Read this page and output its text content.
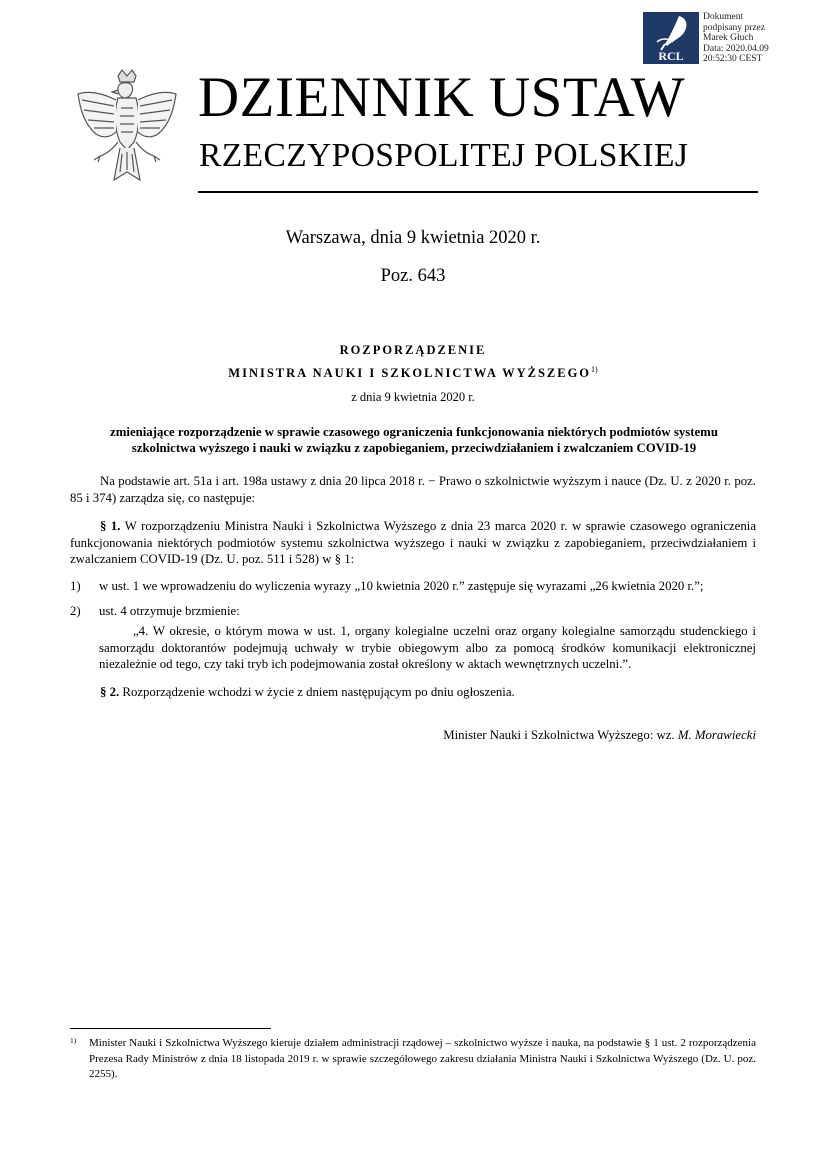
RCL
Dokument
podpisany przez
Marek Głuch
Data: 2020.04.09
20:52:30 CEST
DZIENNIK USTAW
RZECZYPOSPOLITEJ POLSKIEJ
Warszawa, dnia 9 kwietnia 2020 r.
Poz. 643
ROZPORZĄDZENIE
MINISTRA NAUKI I SZKOLNICTWA WYŻSZEGO$^{1)}$
z dnia 9 kwietnia 2020 r.
zmieniające rozporządzenie w sprawie czasowego ograniczenia funkcjonowania niektórych podmiotów systemu szkolnictwa wyższego i nauki w związku z zapobieganiem, przeciwdziałaniem i zwalczaniem COVID-19
Na podstawie art. 51a i art. 198a ustawy z dnia 20 lipca 2018 r. − Prawo o szkolnictwie wyższym i nauce (Dz. U. z 2020 r. poz. 85 i 374) zarządza się, co następuje:
§ 1. W rozporządzeniu Ministra Nauki i Szkolnictwa Wyższego z dnia 23 marca 2020 r. w sprawie czasowego ograniczenia funkcjonowania niektórych podmiotów systemu szkolnictwa wyższego i nauki w związku z zapobieganiem, przeciwdziałaniem i zwalczaniem COVID-19 (Dz. U. poz. 511 i 528) w § 1:
1) w ust. 1 we wprowadzeniu do wyliczenia wyrazy „10 kwietnia 2020 r.” zastępuje się wyrazami „26 kwietnia 2020 r.”;
2) ust. 4 otrzymuje brzmienie:
„4. W okresie, o którym mowa w ust. 1, organy kolegialne uczelni oraz organy kolegialne samorządu studenckiego i samorządu doktorantów podejmują uchwały w trybie obiegowym albo za pomocą środków komunikacji elektronicznej niezależnie od tego, czy taki tryb ich podejmowania został określony w aktach wewnętrznych uczelni.”.
§ 2. Rozporządzenie wchodzi w życie z dniem następującym po dniu ogłoszenia.
Minister Nauki i Szkolnictwa Wyższego: wz. M. Morawiecki
1)	Minister Nauki i Szkolnictwa Wyższego kieruje działem administracji rządowej – szkolnictwo wyższe i nauka, na podstawie § 1 ust. 2 rozporządzenia Prezesa Rady Ministrów z dnia 18 listopada 2019 r. w sprawie szczegółowego zakresu działania Ministra Nauki i Szkolnictwa Wyższego (Dz. U. poz. 2255).
